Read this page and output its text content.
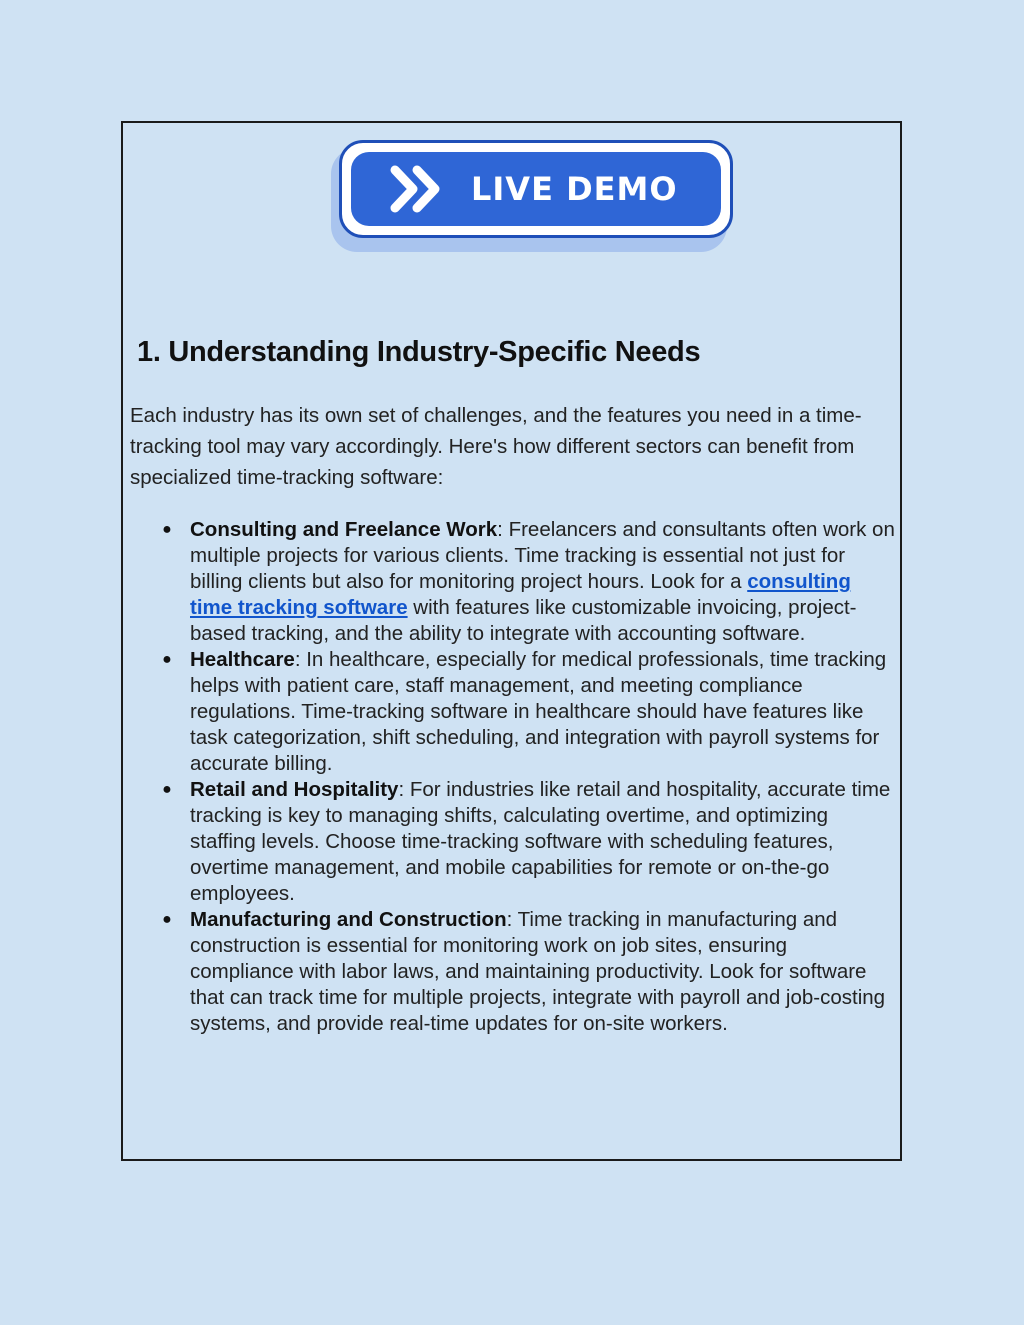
LIVE DEMO
1. Understanding Industry-Specific Needs

Each industry has its own set of challenges, and the features you need in a time-tracking tool may vary accordingly. Here's how different sectors can benefit from specialized time-tracking software:

● Consulting and Freelance Work: Freelancers and consultants often work on multiple projects for various clients. Time tracking is essential not just for billing clients but also for monitoring project hours. Look for a consulting time tracking software with features like customizable invoicing, project-based tracking, and the ability to integrate with accounting software.
● Healthcare: In healthcare, especially for medical professionals, time tracking helps with patient care, staff management, and meeting compliance regulations. Time-tracking software in healthcare should have features like task categorization, shift scheduling, and integration with payroll systems for accurate billing.
● Retail and Hospitality: For industries like retail and hospitality, accurate time tracking is key to managing shifts, calculating overtime, and optimizing staffing levels. Choose time-tracking software with scheduling features, overtime management, and mobile capabilities for remote or on-the-go employees.
● Manufacturing and Construction: Time tracking in manufacturing and construction is essential for monitoring work on job sites, ensuring compliance with labor laws, and maintaining productivity. Look for software that can track time for multiple projects, integrate with payroll and job-costing systems, and provide real-time updates for on-site workers.
